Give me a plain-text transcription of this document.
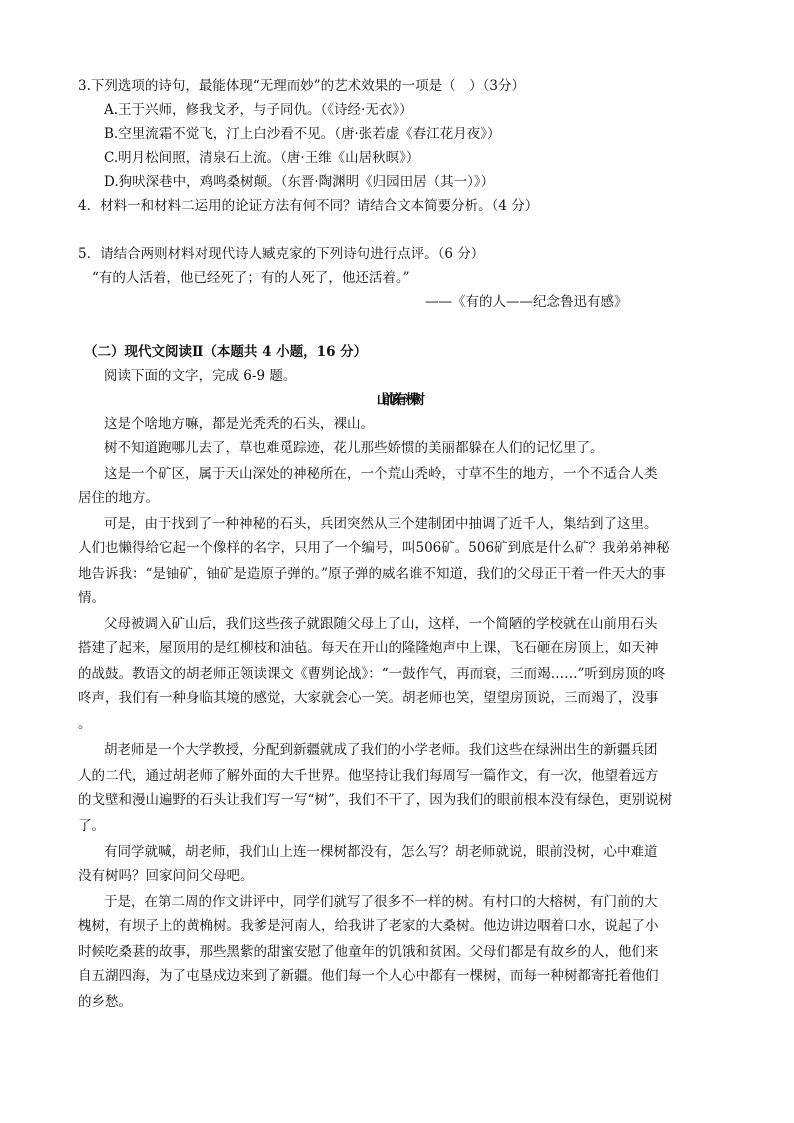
3.下列选项的诗句，最能体现“无理而妙”的艺术效果的一项是（　）（3分）
A.王于兴师，修我戈矛，与子同仇。（《诗经·无衣》）
B.空里流霜不觉飞，汀上白沙看不见。（唐·张若虚《春江花月夜》）
C.明月松间照，清泉石上流。（唐·王维《山居秋暝》）
D.狗吠深巷中，鸡鸣桑树颠。（东晋·陶渊明《归园田居（其一）》）
4．材料一和材料二运用的论证方法有何不同？请结合文本简要分析。（4 分）
5．请结合两则材料对现代诗人臧克家的下列诗句进行点评。（6 分）
“有的人活着，他已经死了；有的人死了，他还活着。”
——《有的人——纪念鲁迅有感》
（二）现代文阅读Ⅱ（本题共 4 小题，16 分）
阅读下面的文字，完成 6-9 题。
山前该有一棵树
这是个啥地方嘛，都是光秃秃的石头，裸山。
树不知道跑哪儿去了，草也难觅踪迹，花儿那些娇惯的美丽都躲在人们的记忆里了。
这是一个矿区，属于天山深处的神秘所在，一个荒山秃岭，寸草不生的地方，一个不适合人类
居住的地方。
可是，由于找到了一种神秘的石头，兵团突然从三个建制团中抽调了近千人，集结到了这里。
人们也懒得给它起一个像样的名字，只用了一个编号，叫506矿。506矿到底是什么矿？我弟弟神秘
地告诉我：“是铀矿，铀矿是造原子弹的。”原子弹的威名谁不知道，我们的父母正干着一件天大的事
情。
父母被调入矿山后，我们这些孩子就跟随父母上了山，这样，一个简陋的学校就在山前用石头
搭建了起来，屋顶用的是红柳枝和油毡。每天在开山的隆隆炮声中上课，飞石砸在房顶上，如天神
的战鼓。教语文的胡老师正领读课文《曹刿论战》：“一鼓作气，再而衰，三而竭……”听到房顶的咚
咚声，我们有一种身临其境的感觉，大家就会心一笑。胡老师也笑，望望房顶说，三而竭了，没事
。
胡老师是一个大学教授，分配到新疆就成了我们的小学老师。我们这些在绿洲出生的新疆兵团
人的二代，通过胡老师了解外面的大千世界。他坚持让我们每周写一篇作文，有一次，他望着远方
的戈壁和漫山遍野的石头让我们写一写“树”，我们不干了，因为我们的眼前根本没有绿色，更别说树
了。
有同学就喊，胡老师，我们山上连一棵树都没有，怎么写？胡老师就说，眼前没树，心中难道
没有树吗？回家问问父母吧。
于是，在第二周的作文讲评中，同学们就写了很多不一样的树。有村口的大榕树，有门前的大
槐树，有坝子上的黄桷树。我爹是河南人，给我讲了老家的大桑树。他边讲边咽着口水，说起了小
时候吃桑葚的故事，那些黑紫的甜蜜安慰了他童年的饥饿和贫困。父母们都是有故乡的人，他们来
自五湖四海，为了屯垦戍边来到了新疆。他们每一个人心中都有一棵树，而每一种树都寄托着他们
的乡愁。
